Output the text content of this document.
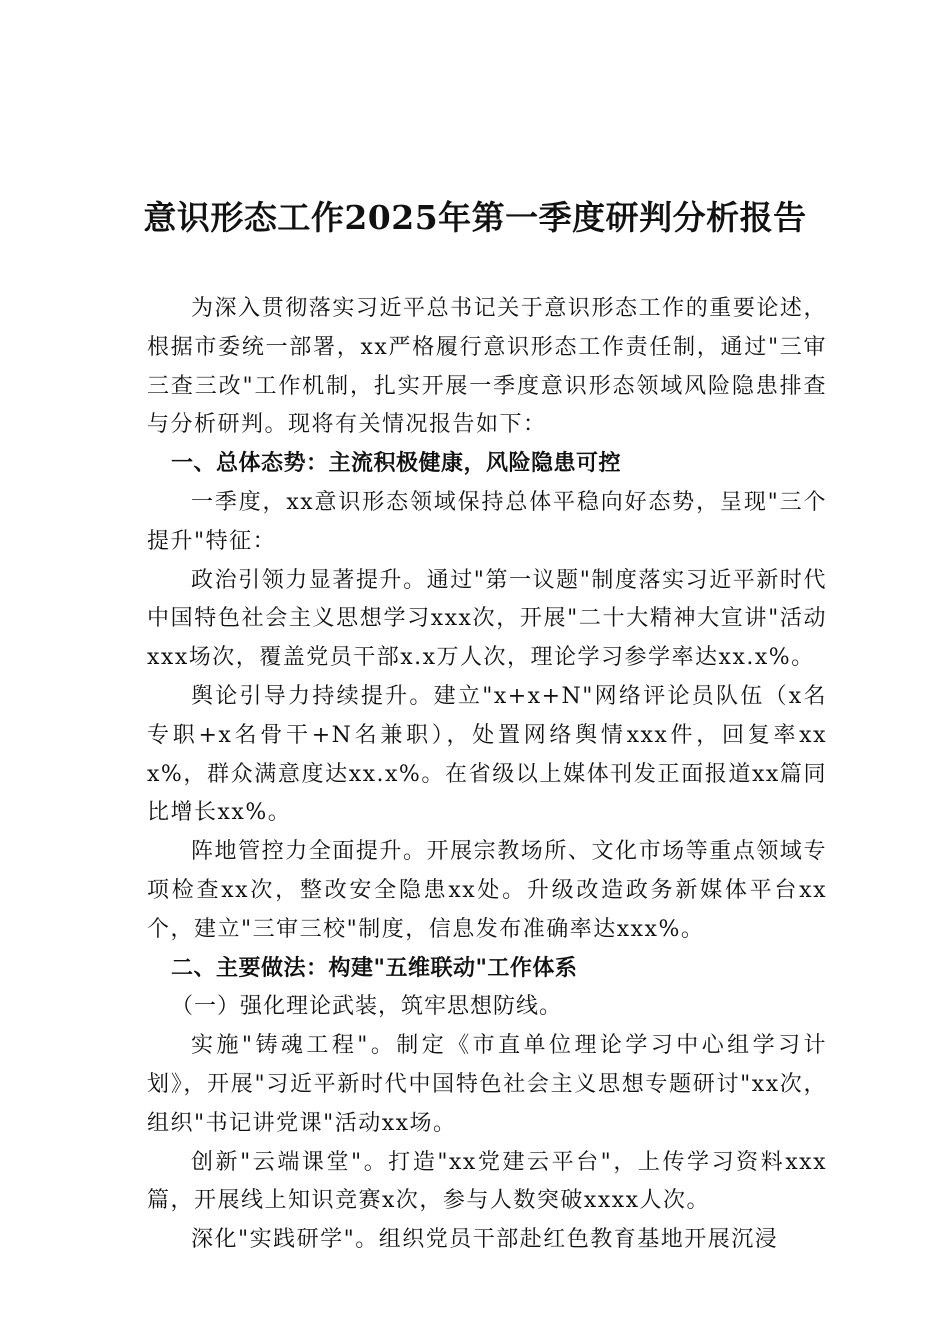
意识形态工作2025年第一季度研判分析报告

为深入贯彻落实习近平总书记关于意识形态工作的重要论述，根据市委统一部署，xx严格履行意识形态工作责任制，通过"三审三查三改"工作机制，扎实开展一季度意识形态领域风险隐患排查与分析研判。现将有关情况报告如下：

一、总体态势：主流积极健康，风险隐患可控

一季度，xx意识形态领域保持总体平稳向好态势，呈现"三个提升"特征：

政治引领力显著提升。通过"第一议题"制度落实习近平新时代中国特色社会主义思想学习xxx次，开展"二十大精神大宣讲"活动xxx场次，覆盖党员干部x.x万人次，理论学习参学率达xx.x%。

舆论引导力持续提升。建立"x+x+N"网络评论员队伍（x名专职+x名骨干+N名兼职），处置网络舆情xxx件，回复率xxx%，群众满意度达xx.x%。在省级以上媒体刊发正面报道xx篇同比增长xx%。

阵地管控力全面提升。开展宗教场所、文化市场等重点领域专项检查xx次，整改安全隐患xx处。升级改造政务新媒体平台xx个，建立"三审三校"制度，信息发布准确率达xxx%。

二、主要做法：构建"五维联动"工作体系

（一）强化理论武装，筑牢思想防线。

实施"铸魂工程"。制定《市直单位理论学习中心组学习计划》，开展"习近平新时代中国特色社会主义思想专题研讨"xx次，组织"书记讲党课"活动xx场。

创新"云端课堂"。打造"xx党建云平台"，上传学习资料xxx篇，开展线上知识竞赛x次，参与人数突破xxxx人次。

深化"实践研学"。组织党员干部赴红色教育基地开展沉浸
